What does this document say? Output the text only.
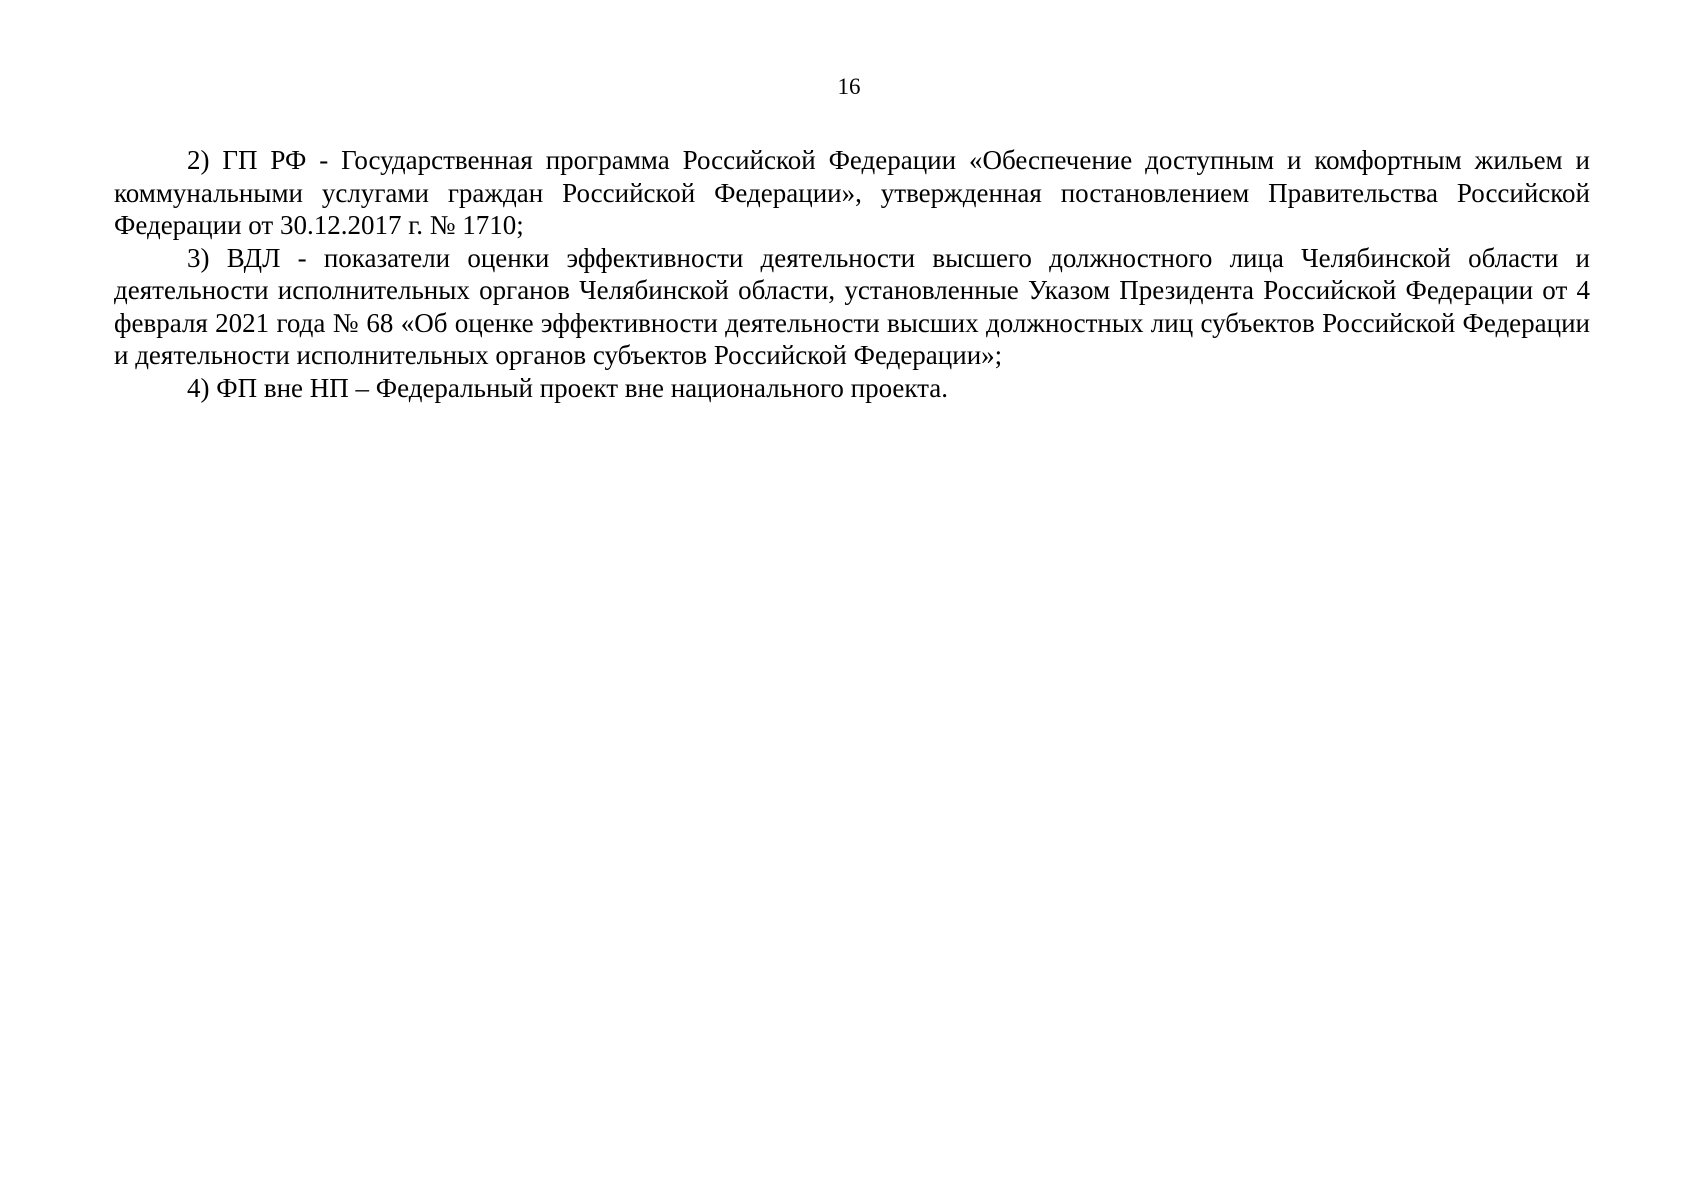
16

2) ГП РФ - Государственная программа Российской Федерации «Обеспечение доступным и комфортным жильем и коммунальными услугами граждан Российской Федерации», утвержденная постановлением Правительства Российской Федерации от 30.12.2017 г. № 1710;

3) ВДЛ - показатели оценки эффективности деятельности высшего должностного лица Челябинской области и деятельности исполнительных органов Челябинской области, установленные Указом Президента Российской Федерации от 4 февраля 2021 года № 68 «Об оценке эффективности деятельности высших должностных лиц субъектов Российской Федерации и деятельности исполнительных органов субъектов Российской Федерации»;

4) ФП вне НП – Федеральный проект вне национального проекта.
